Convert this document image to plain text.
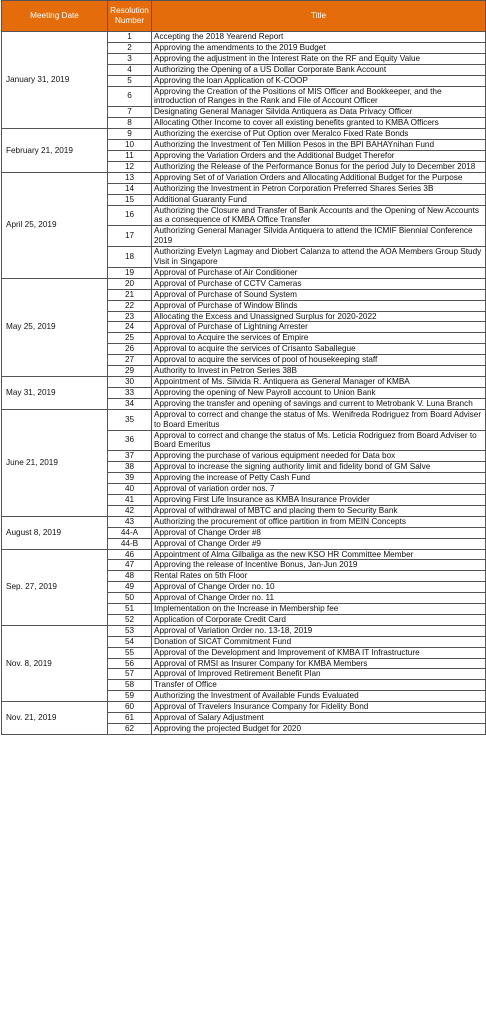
Meeting Date	Resolution Number	Title
January 31, 2019	1	Accepting the 2018 Yearend Report
	2	Approving the amendments to the 2019 Budget
	3	Approving the adjustment in the Interest Rate on the RF and Equity Value
	4	Authorizing the Opening of a US Dollar Corporate Bank Account
	5	Approving the loan Application of K-COOP
	6	Approving the Creation of the Positions of MIS Officer and Bookkeeper, and the introduction of Ranges in the Rank and File of Account Officer
	7	Designating General Manager Silvida Antiquera as Data Privacy Officer
	8	Allocating Other Income to cover all existing benefits granted to KMBA Officers
February 21, 2019	9	Authorizing the exercise of Put Option over Meralco Fixed Rate Bonds
	10	Authorizing the Investment of Ten Million Pesos in the BPI BAHAYnihan Fund
	11	Approving the Variation Orders and the Additional Budget Therefor
	12	Authorizing the Release of the Performance Bonus for the period July to December 2018
April 25, 2019	13	Approving Set of of Variation Orders and Allocating Additional Budget for the Purpose
	14	Authorizing the Investment in Petron Corporation Preferred Shares Series 3B
	15	Additional Guaranty Fund
	16	Authorizing the Closure and Transfer of Bank Accounts and the Opening of New Accounts as a consequence of KMBA Office Transfer
	17	Authorizing General Manager Silvida Antiquera to attend the ICMIF Biennial Conference 2019
	18	Authorizing Evelyn Lagmay and Diobert Calanza to attend the AOA Members Group Study Visit in Singapore
	19	Approval of Purchase of Air Conditioner
May 25, 2019	20	Approval of Purchase of CCTV Cameras
	21	Approval of Purchase of Sound System
	22	Approval of Purchase of Window Blinds
	23	Allocating the Excess and Unassigned Surplus for 2020-2022
	24	Approval of Purchase of Lightning Arrester
	25	Approval to Acquire the services of Empire
	26	Approval to acquire the services of Crisanto Saballegue
	27	Approval to acquire the services of pool of housekeeping staff
	29	Authority to Invest in Petron Series 38B
May 31, 2019	30	Appointment of Ms. Silvida R. Antiquera as General Manager of KMBA
	33	Approving the opening of New Payroll account to Union Bank
	34	Approving the transfer and opening of savings and current to Metrobank V. Luna Branch
June 21, 2019	35	Approval to correct and change the status of Ms. Wenifreda Rodriguez from Board Adviser to Board Emeritus
	36	Approval to correct and change the status of Ms. Leticia Rodriguez from Board Adviser to Board Emeritus
	37	Approving the purchase of various equipment needed for Data box
	38	Approval to increase the signing authority limit and fidelity bond of GM Salve
	39	Approving the increase of Petty Cash Fund
	40	Approval of variation order nos. 7
	41	Approving First Life Insurance as KMBA Insurance Provider
	42	Approval of withdrawal of MBTC and placing them to Security Bank
August 8, 2019	43	Authorizing the procurement of office partition in from MEIN Concepts
	44-A	Approval of Change Order #8
	44-B	Approval of Change Order #9
Sep. 27, 2019	46	Appointment of Alma Gilbaliga as the new KSO HR Committee Member
	47	Approving the release of Incentive Bonus, Jan-Jun 2019
	48	Rental Rates on 5th Floor
	49	Approval of Change Order no. 10
	50	Approval of Change Order no. 11
	51	Implementation on the Increase in Membership fee
	52	Application of Corporate Credit Card
Nov. 8, 2019	53	Approval of Variation Order no. 13-18, 2019
	54	Donation of SICAT Commitment Fund
	55	Approval of the Development and Improvement of KMBA IT Infrastructure
	56	Approval of RMSI as Insurer Company for KMBA Members
	57	Approval of Improved Retirement Benefit Plan
	58	Transfer of Office
	59	Authorizing the Investment of Available Funds Evaluated
Nov. 21, 2019	60	Approval of Travelers Insurance Company for Fidelity Bond
	61	Approval of Salary Adjustment
	62	Approving the projected Budget for 2020
